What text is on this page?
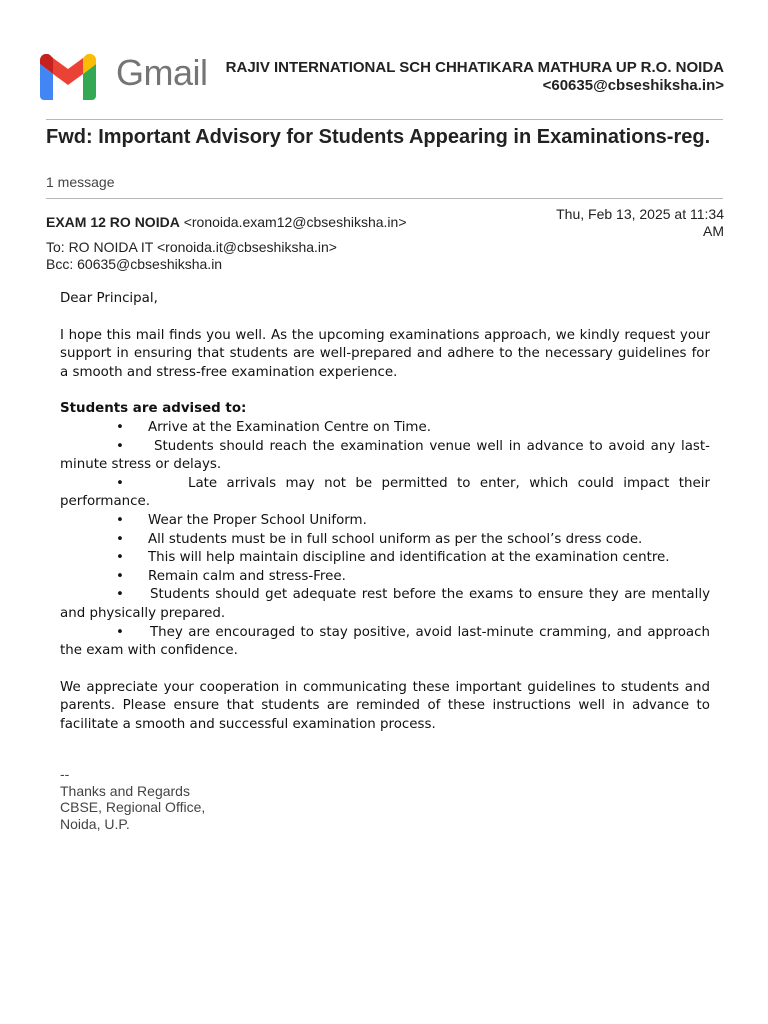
Gmail RAJIV INTERNATIONAL SCH CHHATIKARA MATHURA UP R.O. NOIDA
<60635@cbseshiksha.in>
Fwd: Important Advisory for Students Appearing in Examinations-reg.
1 message
EXAM 12 RO NOIDA <ronoida.exam12@cbseshiksha.in>	Thu, Feb 13, 2025 at 11:34
AM
To: RO NOIDA IT <ronoida.it@cbseshiksha.in>
Bcc: 60635@cbseshiksha.in

Dear Principal,

I hope this mail finds you well. As the upcoming examinations approach, we kindly request your support in ensuring that students are well-prepared and adhere to the necessary guidelines for a smooth and stress-free examination experience.

Students are advised to:

• Arrive at the Examination Centre on Time.
• Students should reach the examination venue well in advance to avoid any last-minute stress or delays.
•	Late arrivals may not be permitted to enter, which could impact their performance.
• Wear the Proper School Uniform.
• All students must be in full school uniform as per the school’s dress code.
• This will help maintain discipline and identification at the examination centre.
• Remain calm and stress-Free.
• Students should get adequate rest before the exams to ensure they are mentally and physically prepared.
• They are encouraged to stay positive, avoid last-minute cramming, and approach the exam with confidence.

We appreciate your cooperation in communicating these important guidelines to students and parents. Please ensure that students are reminded of these instructions well in advance to facilitate a smooth and successful examination process.

--
Thanks and Regards
CBSE, Regional Office,
Noida, U.P.
